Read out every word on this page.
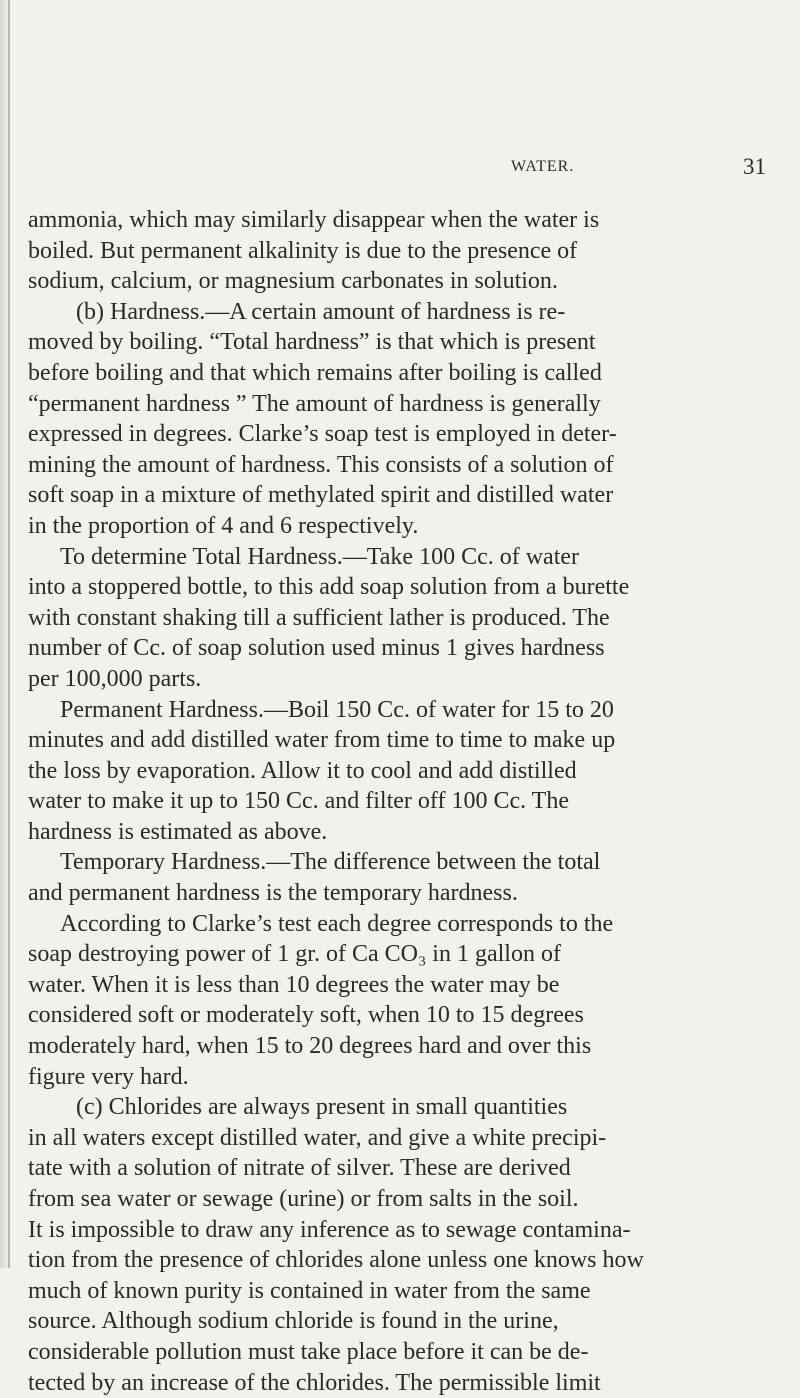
WATER.	31
ammonia, which may similarly disappear when the water is
boiled. But permanent alkalinity is due to the presence of
sodium, calcium, or magnesium carbonates in solution.
(b) Hardness.—A certain amount of hardness is re-
moved by boiling. “Total hardness” is that which is present
before boiling and that which remains after boiling is called
“permanent hardness ” The amount of hardness is generally
expressed in degrees. Clarke’s soap test is employed in deter-
mining the amount of hardness. This consists of a solution of
soft soap in a mixture of methylated spirit and distilled water
in the proportion of 4 and 6 respectively.
To determine Total Hardness.—Take 100 Cc. of water
into a stoppered bottle, to this add soap solution from a burette
with constant shaking till a sufficient lather is produced. The
number of Cc. of soap solution used minus 1 gives hardness
per 100,000 parts.
Permanent Hardness.—Boil 150 Cc. of water for 15 to 20
minutes and add distilled water from time to time to make up
the loss by evaporation. Allow it to cool and add distilled
water to make it up to 150 Cc. and filter off 100 Cc. The
hardness is estimated as above.
Temporary Hardness.—The difference between the total
and permanent hardness is the temporary hardness.
According to Clarke’s test each degree corresponds to the
soap destroying power of 1 gr. of Ca CO₃ in 1 gallon of
water. When it is less than 10 degrees the water may be
considered soft or moderately soft, when 10 to 15 degrees
moderately hard, when 15 to 20 degrees hard and over this
figure very hard.
(c) Chlorides are always present in small quantities
in all waters except distilled water, and give a white precipi-
tate with a solution of nitrate of silver. These are derived
from sea water or sewage (urine) or from salts in the soil.
It is impossible to draw any inference as to sewage contamina-
tion from the presence of chlorides alone unless one knows how
much of known purity is contained in water from the same
source. Although sodium chloride is found in the urine,
considerable pollution must take place before it can be de-
tected by an increase of the chlorides. The permissible limit
